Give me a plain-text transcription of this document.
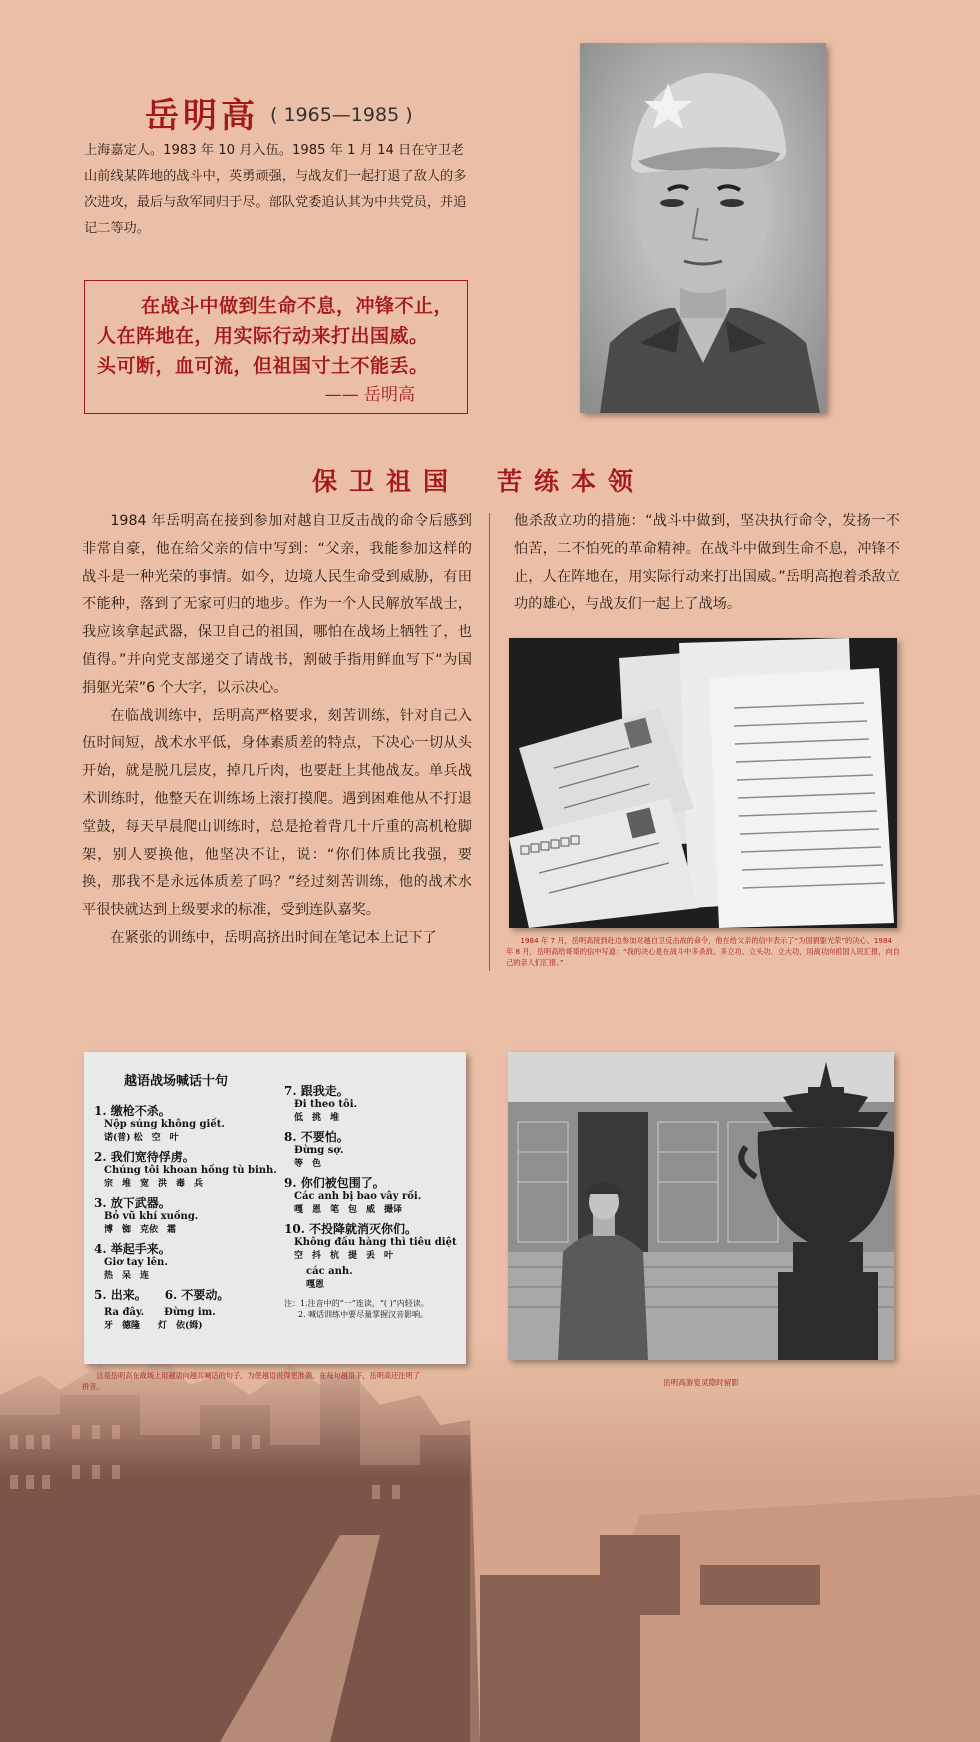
岳明高 ( 1965—1985 )
上海嘉定人。1983 年 10 月入伍。1985 年 1 月 14 日在守卫老山前线某阵地的战斗中，英勇顽强，与战友们一起打退了敌人的多次进攻，最后与敌军同归于尽。部队党委追认其为中共党员，并追记二等功。
在战斗中做到生命不息，冲锋不止，
人在阵地在，用实际行动来打出国威。
头可断，血可流，但祖国寸土不能丢。
—— 岳明高
保卫祖国　苦练本领

1984 年岳明高在接到参加对越自卫反击战的命令后感到非常自豪，他在给父亲的信中写到：“父亲，我能参加这样的战斗是一种光荣的事情。如今，边境人民生命受到威胁，有田不能种，落到了无家可归的地步。作为一个人民解放军战士，我应该拿起武器，保卫自己的祖国，哪怕在战场上牺牲了，也值得。”并向党支部递交了请战书，割破手指用鲜血写下“为国捐躯光荣”6 个大字，以示决心。

在临战训练中，岳明高严格要求，刻苦训练，针对自己入伍时间短，战术水平低，身体素质差的特点，下决心一切从头开始，就是脱几层皮，掉几斤肉，也要赶上其他战友。单兵战术训练时，他整天在训练场上滚打摸爬。遇到困难他从不打退堂鼓，每天早晨爬山训练时，总是抢着背几十斤重的高机枪脚架，别人要换他，他坚决不让，说：“你们体质比我强，要换，那我不是永远体质差了吗？”经过刻苦训练，他的战术水平很快就达到上级要求的标准，受到连队嘉奖。

在紧张的训练中，岳明高挤出时间在笔记本上记下了

他杀敌立功的措施：“战斗中做到，坚决执行命令，发扬一不怕苦，二不怕死的革命精神。在战斗中做到生命不息，冲锋不止，人在阵地在，用实际行动来打出国威。”岳明高抱着杀敌立功的雄心，与战友们一起上了战场。

1984 年 7 月，岳明高接到赴边参加对越自卫反击战的命令，他在给父亲的信中表示了“为国捐躯光荣”的决心。1984 年 8 月，岳明高给哥哥的信中写道：“我的决心是在战斗中多杀敌、多立功、立头功、立大功，用战功向祖国人民汇报，向自己的亲人们汇报。”
越语战场喊话十句
1. 缴枪不杀。
Nộp súng không giết.
诺(普) 松　空　叶
2. 我们宽待俘虏。
Chúng tôi khoan hồng tù binh.
宗　堆　宽　洪　毒　兵
3. 放下武器。
Bỏ vũ khí xuống.
博　铷　克依　霜
4. 举起手来。
Giơ tay lên.
热　呆　连
5. 出来。　　6. 不要动。
Ra đây.　　Đừng im.
牙　德隆　　灯　依(姆)
7. 跟我走。
Đi theo tôi.
低　挑　堆
8. 不要怕。
Đừng sợ.
等　色
9. 你们被包围了。
Các anh bị bao vây rồi.
嘎　恩　笔　包　威　撮译
10. 不投降就消灭你们。
Không đầu hàng thì tiêu diệt
空　抖　杭　提　丢　叶
các anh.
嘎恩
注：1.注音中的“一”连读，“( )”内轻读。
2. 喊话训练中要尽量掌握汉音影响。
这是岳明高在战场上用越语向越兵喊话的句子，为使越语说得更准确，在每句越语下，岳明高还注明了拼音。	岳明高游览灵隐时留影
